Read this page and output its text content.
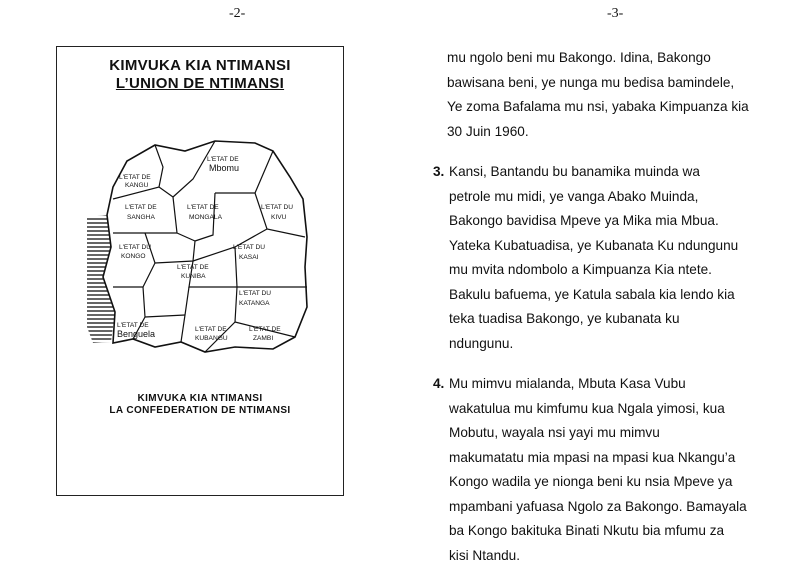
-2-	-3-
KIMVUKA KIA NTIMANSI
L’UNION DE NTIMANSI
L'ETAT DE
KANGU
L'ETAT DE
Mbomu
L'ETAT DE
SANGHA
L'ETAT DE
MONGALA
L'ETAT DU
KIVU
L'ETAT DU
KONGO
L'ETAT DE
KUNIBA
L'ETAT DU
KASAI
L'ETAT DU
KATANGA
L'ETAT DE
Benguela	L'ETAT DE
KUBANGU
L'ETAT DE
ZAMBI
KIMVUKA KIA NTIMANSI
LA CONFEDERATION DE NTIMANSI
mu ngolo beni mu Bakongo. Idina, Bakongo
bawisana beni, ye nunga mu bedisa bamindele,
Ye zoma Bafalama mu nsi, yabaka Kimpuanza kia
30 Juin 1960.
3. Kansi, Bantandu bu banamika muinda wa
petrole mu midi, ye vanga Abako Muinda,
Bakongo bavidisa Mpeve ya Mika mia Mbua.
Yateka Kubatuadisa, ye Kubanata Ku ndungunu
mu mvita ndombolo a Kimpuanza Kia ntete.
Bakulu bafuema, ye Katula sabala kia lendo kia
teka tuadisa Bakongo, ye kubanata ku
ndungunu.
4. Mu mimvu mialanda, Mbuta Kasa Vubu
wakatulua mu kimfumu kua Ngala yimosi, kua
Mobutu, wayala nsi yayi mu mimvu
makumatatu mia mpasi na mpasi kua Nkangu’a
Kongo wadila ye nionga beni ku nsia Mpeve ya
mpambani yafuasa Ngolo za Bakongo. Bamayala
ba Kongo bakituka Binati Nkutu bia mfumu za
kisi Ntandu.
